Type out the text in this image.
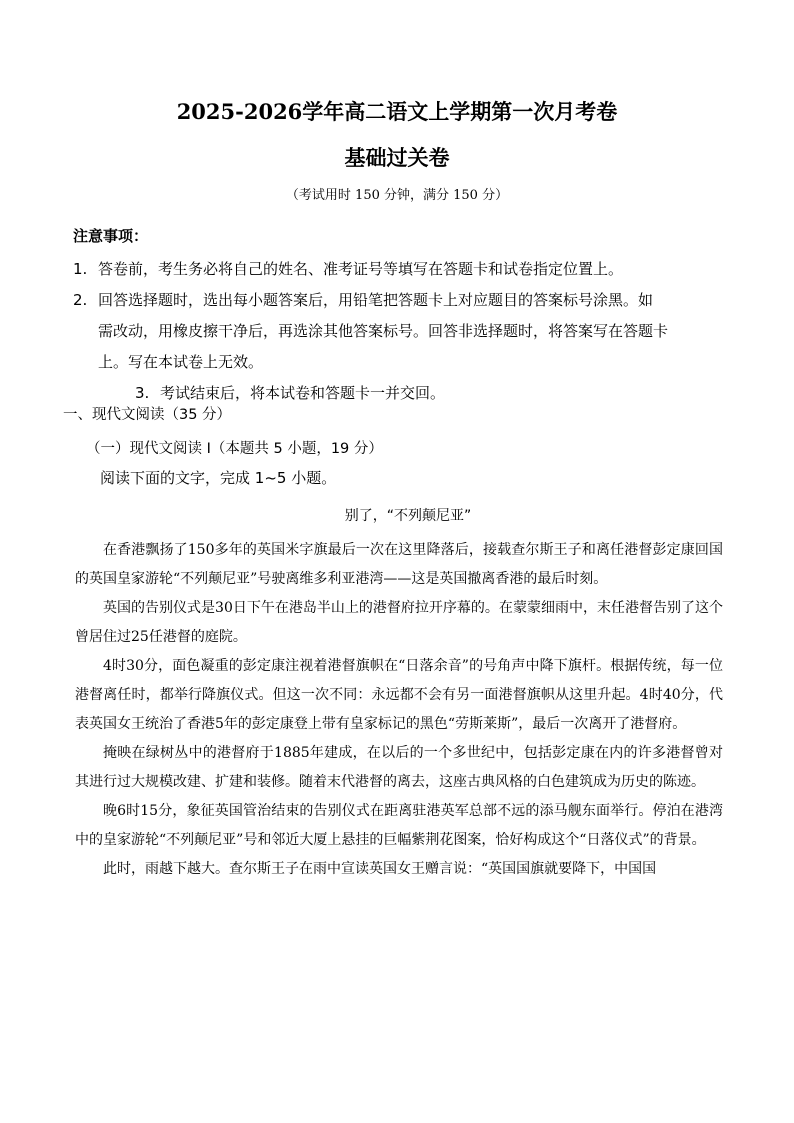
2025-2026学年高二语文上学期第一次月考卷
基础过关卷
（考试用时 150 分钟，满分 150 分）
注意事项：
1. 答卷前，考生务必将自己的姓名、准考证号等填写在答题卡和试卷指定位置上。
2. 回答选择题时，选出每小题答案后，用铅笔把答题卡上对应题目的答案标号涂黑。如
需改动，用橡皮擦干净后，再选涂其他答案标号。回答非选择题时，将答案写在答题卡
上。写在本试卷上无效。
3. 考试结束后，将本试卷和答题卡一并交回。
一、现代文阅读（35 分）
（一）现代文阅读 I（本题共 5 小题，19 分）
阅读下面的文字，完成 1~5 小题。
别了，“不列颠尼亚”

在香港飘扬了150多年的英国米字旗最后一次在这里降落后，接载查尔斯王子和离任港督彭定康回国的英国皇家游轮“不列颠尼亚”号驶离维多利亚港湾——这是英国撤离香港的最后时刻。

英国的告别仪式是30日下午在港岛半山上的港督府拉开序幕的。在蒙蒙细雨中，末任港督告别了这个曾居住过25任港督的庭院。

4时30分，面色凝重的彭定康注视着港督旗帜在“日落余音”的号角声中降下旗杆。根据传统，每一位港督离任时，都举行降旗仪式。但这一次不同：永远都不会有另一面港督旗帜从这里升起。4时40分，代表英国女王统治了香港5年的彭定康登上带有皇家标记的黑色“劳斯莱斯”，最后一次离开了港督府。

掩映在绿树丛中的港督府于1885年建成，在以后的一个多世纪中，包括彭定康在内的许多港督曾对其进行过大规模改建、扩建和装修。随着末代港督的离去，这座古典风格的白色建筑成为历史的陈迹。

晚6时15分，象征英国管治结束的告别仪式在距离驻港英军总部不远的添马舰东面举行。停泊在港湾中的皇家游轮“不列颠尼亚”号和邻近大厦上悬挂的巨幅紫荆花图案，恰好构成这个“日落仪式”的背景。

此时，雨越下越大。查尔斯王子在雨中宣读英国女王赠言说：“英国国旗就要降下，中国国
